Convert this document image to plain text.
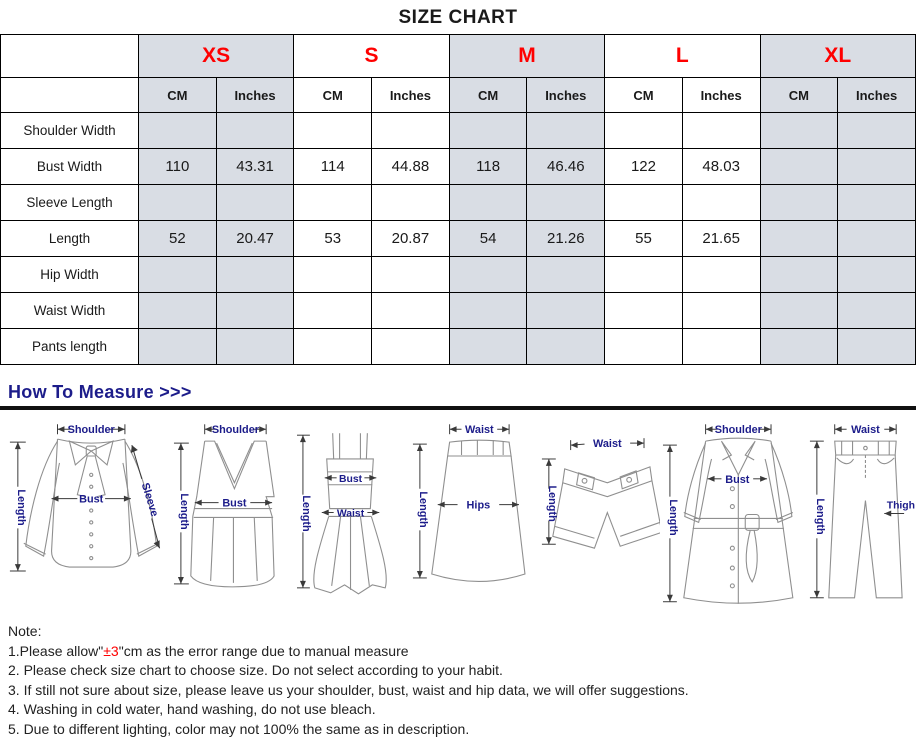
SIZE CHART
	XS		S		M		L		XL	
	CM	Inches	CM	Inches	CM	Inches	CM	Inches	CM	Inches
Shoulder Width										
Bust Width	110	43.31	114	44.88	118	46.46	122	48.03		
Sleeve Length										
Length	52	20.47	53	20.87	54	21.26	55	21.65		
Hip Width										
Waist Width										
Pants length										
How To Measure >>>
Shoulder
Length	Bust	Sleeve
Shoulder
Length	Bust	Length
Bust
Waist
Waist
Hips
Length
Waist
Length
Shoulder
Bust
Length
Waist
Thigh
Length
Note:
1.Please allow"±3"cm as the error range due to manual measure
2. Please check size chart to choose size. Do not select according to your habit.
3. If still not sure about size, please leave us your shoulder, bust, waist and hip data, we will offer suggestions.
4. Washing in cold water, hand washing, do not use bleach.
5. Due to different lighting, color may not 100% the same as in description.
